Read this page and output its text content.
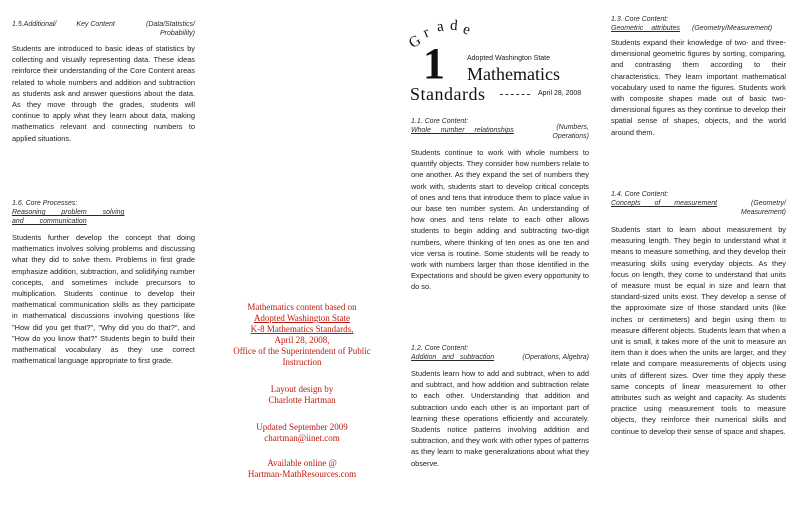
1.5.Additional/	Key Content	(Data/Statistics/ Probability)
Students are introduced to basic ideas of statistics by collecting and visually representing data. These ideas reinforce their understanding of the Core Content areas related to whole numbers and addition and subtraction as students ask and answer questions about the data. As they move through the grades, students will continue to apply what they learn about data, making mathematics relevant and connecting numbers to applied situations.
1.6. Core Processes:
Reasoning problem solving and communication
Students further develop the concept that doing mathematics involves solving problems and discussing what they did to solve them. Problems in first grade emphasize addition, subtraction, and solidifying number concepts, and sometimes include precursors to multiplication. Students continue to develop their mathematical communication skills as they participate in mathematical discussions involving questions like "How did you get that?", "Why did you do that?", and "How do you know that?" Students begin to build their mathematical vocabulary as they use correct mathematical language appropriate to first grade.
Mathematics content based on
Adopted Washington State
K-8 Mathematics Standards,
April 28, 2008,
Office of the Superintendent of Public
Instruction
Layout design by
Charlotte Hartman
Updated September 2009
chartman@iinet.com
Available online @
Hartman-MathResources.com
G
r a d e
1	Adopted Washington State
Mathematics
Standards	April 28, 2008
1.1. Core Content:
Whole number relationships	(Numbers, Operations)
Students continue to work with whole numbers to quantify objects. They consider how numbers relate to one another. As they expand the set of numbers they work with, students start to develop critical concepts of ones and tens that introduce them to place value in our base ten number system. An understanding of how ones and tens relate to each other allows students to begin adding and subtracting two-digit numbers, where thinking of ten ones as one ten and vice versa is routine. Some students will be ready to work with numbers larger than those identified in the Expectations and should be given every opportunity to do so.
1.2. Core Content:
Addition and subtraction	(Operations, Algebra)
Students learn how to add and subtract, when to add and subtract, and how addition and subtraction relate to each other. Understanding that addition and subtraction undo each other is an important part of learning these operations efficiently and accurately. Students notice patterns involving addition and subtraction, and they work with other types of patterns as they learn to make generalizations about what they observe.
1.3. Core Content:
Geometric attributes (Geometry/Measurement)
Students expand their knowledge of two- and three-dimensional geometric figures by sorting, comparing, and contrasting them according to their characteristics. They learn important mathematical vocabulary used to name the figures. Students work with composite shapes made out of basic two-dimensional figures as they continue to develop their spatial sense of shapes, objects, and the world around them.
1.4. Core Content:
Concepts of measurement	(Geometry/ Measurement)
Students start to learn about measurement by measuring length. They begin to understand what it means to measure something, and they develop their measuring skills using everyday objects. As they focus on length, they come to understand that units of measure must be equal in size and learn that standard-sized units exist. They develop a sense of the approximate size of those standard units (like inches or centimeters) and begin using them to measure different objects. Students learn that when a unit is small, it takes more of the unit to measure an item than it does when the units are larger, and they relate and compare measurements of objects using units of different sizes. Over time they apply these same concepts of linear measurement to other attributes such as weight and capacity. As students practice using measurement tools to measure objects, they reinforce their numerical skills and continue to develop their sense of space and shapes.
